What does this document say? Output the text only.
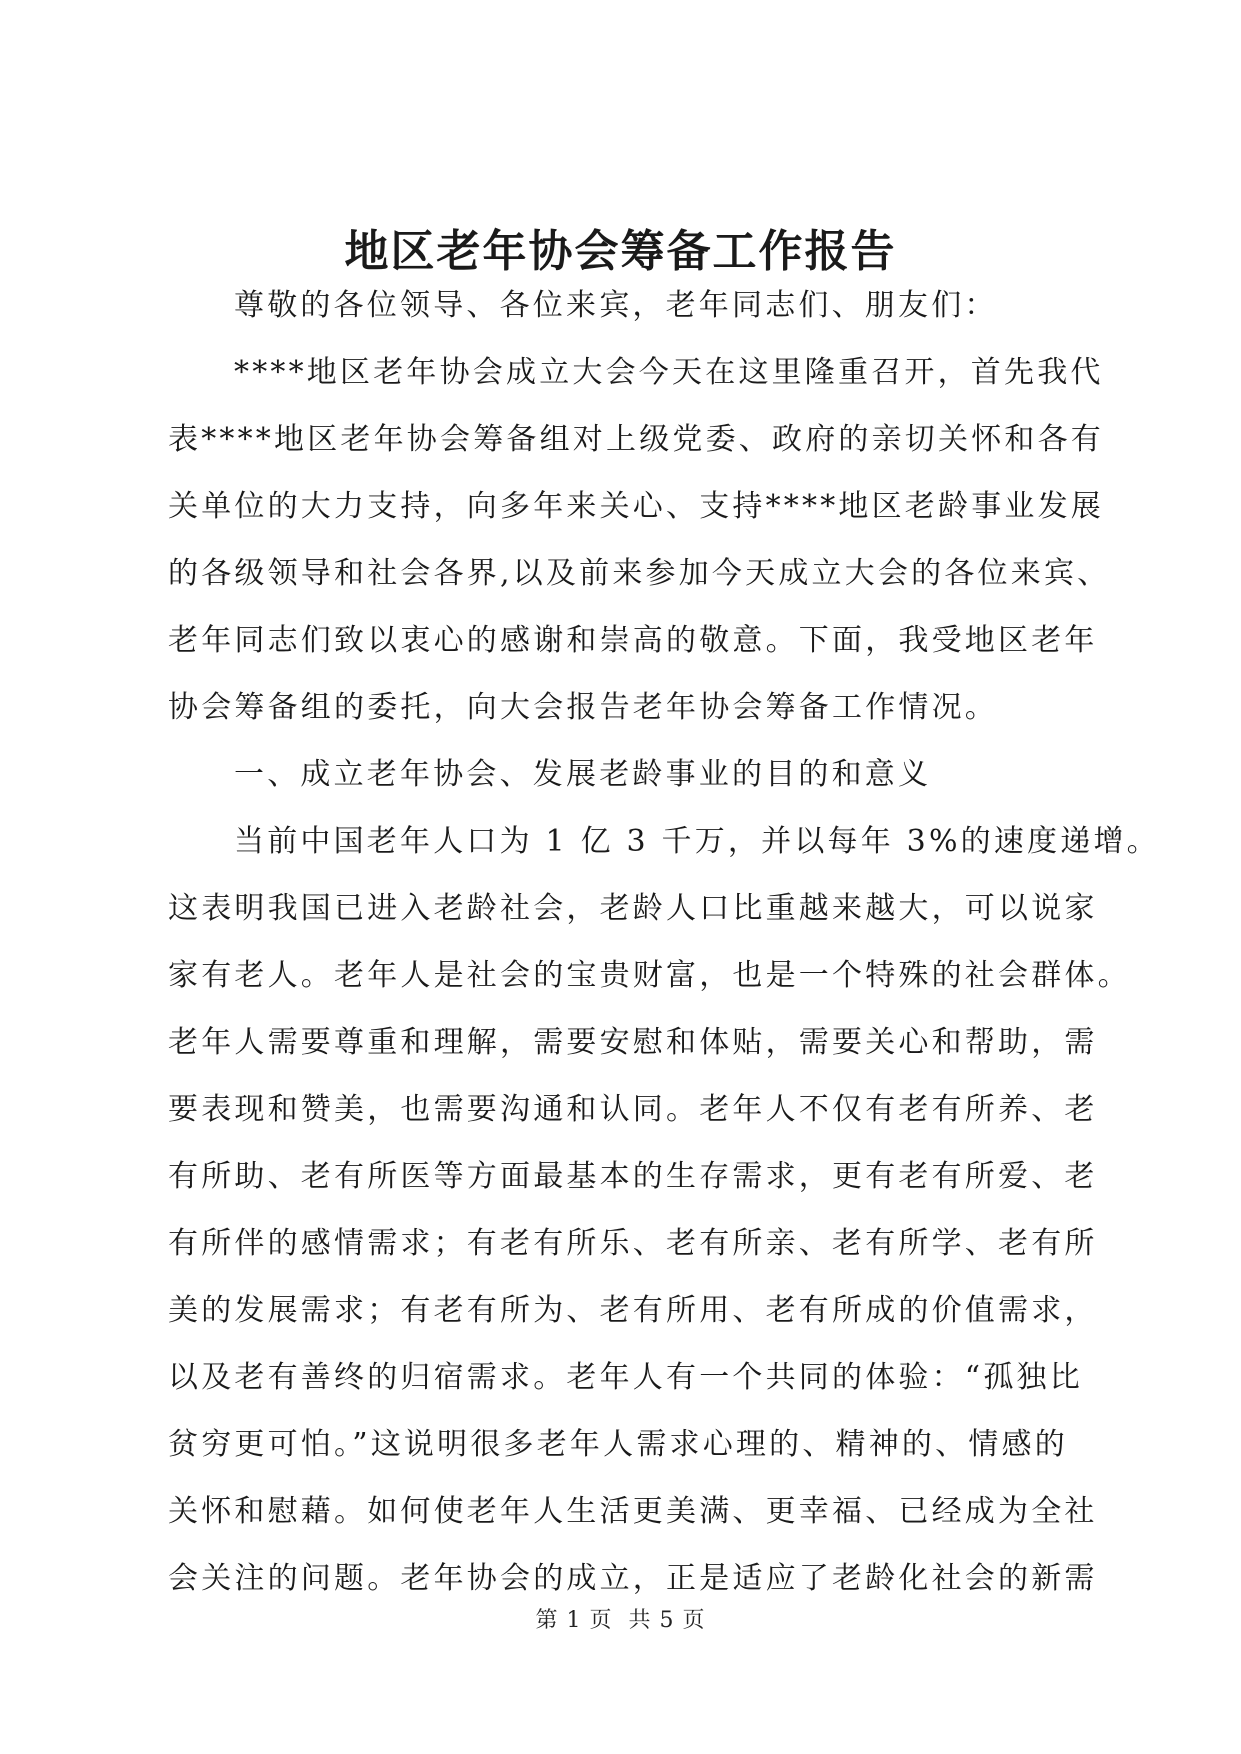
地区老年协会筹备工作报告
尊敬的各位领导、各位来宾，老年同志们、朋友们：
****地区老年协会成立大会今天在这里隆重召开，首先我代
表****地区老年协会筹备组对上级党委、政府的亲切关怀和各有
关单位的大力支持，向多年来关心、支持****地区老龄事业发展
的各级领导和社会各界,以及前来参加今天成立大会的各位来宾、
老年同志们致以衷心的感谢和崇高的敬意。下面，我受地区老年
协会筹备组的委托，向大会报告老年协会筹备工作情况。
一、成立老年协会、发展老龄事业的目的和意义
当前中国老年人口为 1 亿 3 千万，并以每年 3%的速度递增。
这表明我国已进入老龄社会，老龄人口比重越来越大，可以说家
家有老人。老年人是社会的宝贵财富，也是一个特殊的社会群体。
老年人需要尊重和理解，需要安慰和体贴，需要关心和帮助，需
要表现和赞美，也需要沟通和认同。老年人不仅有老有所养、老
有所助、老有所医等方面最基本的生存需求，更有老有所爱、老
有所伴的感情需求；有老有所乐、老有所亲、老有所学、老有所
美的发展需求；有老有所为、老有所用、老有所成的价值需求，
以及老有善终的归宿需求。老年人有一个共同的体验：“孤独比
贫穷更可怕。”这说明很多老年人需求心理的、精神的、情感的
关怀和慰藉。如何使老年人生活更美满、更幸福、已经成为全社
会关注的问题。老年协会的成立，正是适应了老龄化社会的新需
第 1 页 共 5 页
